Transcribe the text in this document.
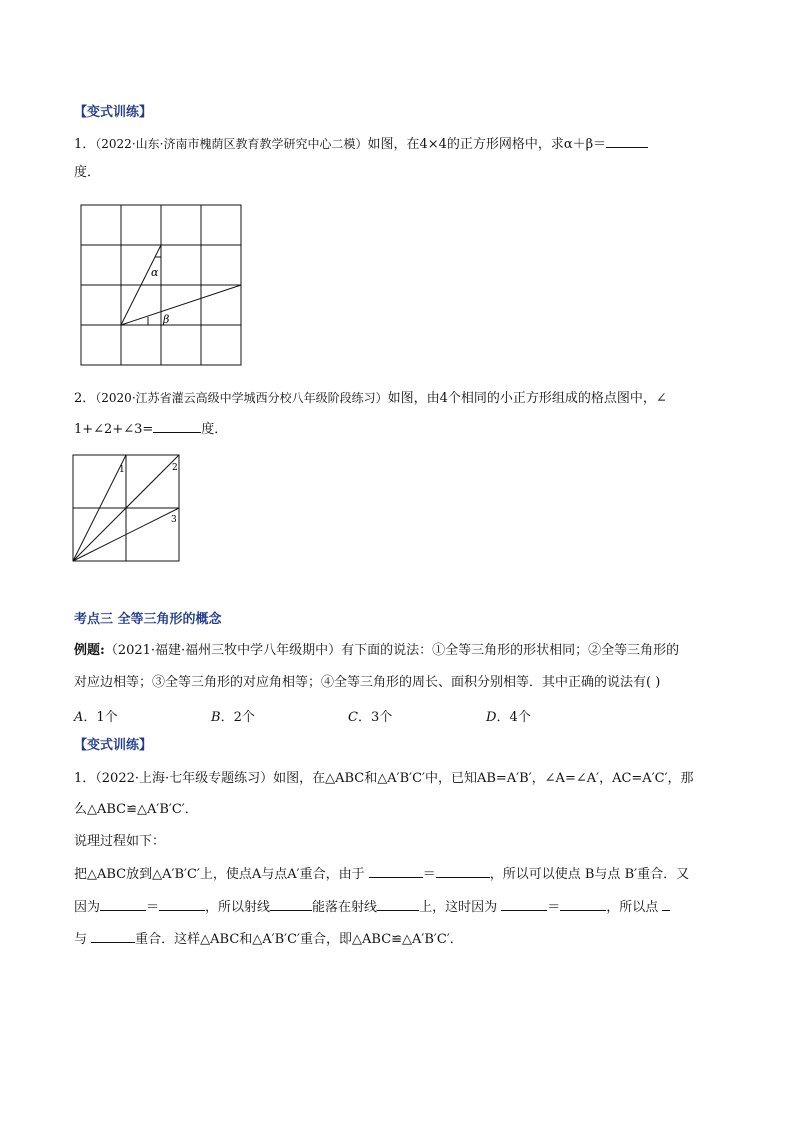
【变式训练】
1．（2022·山东·济南市槐荫区教育教学研究中心二模）如图，在4×4的正方形网格中，求α＋β＝
度．
α
β
2．（2020·江苏省灌云高级中学城西分校八年级阶段练习）如图，由4个相同的小正方形组成的格点图中，∠
1+∠2+∠3=	度．
1	2
3
考点三 全等三角形的概念
例题:（2021·福建·福州三牧中学八年级期中）有下面的说法：①全等三角形的形状相同；②全等三角形的
对应边相等；③全等三角形的对应角相等；④全等三角形的周长、面积分别相等．其中正确的说法有( )
A．1个	B．2个	C．3个	D．4个
【变式训练】
1．（2022·上海·七年级专题练习）如图，在△ABC和△A′B′C′中，已知AB=A′B′，∠A=∠A′，AC=A′C′，那
么△ABC≌△A′B′C′．
说理过程如下：
把△ABC放到△A′B′C′上，使点A与点A′重合，由于	＝	，所以可以使点 B与点 B′重合．又
因为	＝	，所以射线	能落在射线	上，这时因为	＝	，所以点
与	重合．这样△ABC和△A′B′C′重合，即△ABC≌△A′B′C′．
